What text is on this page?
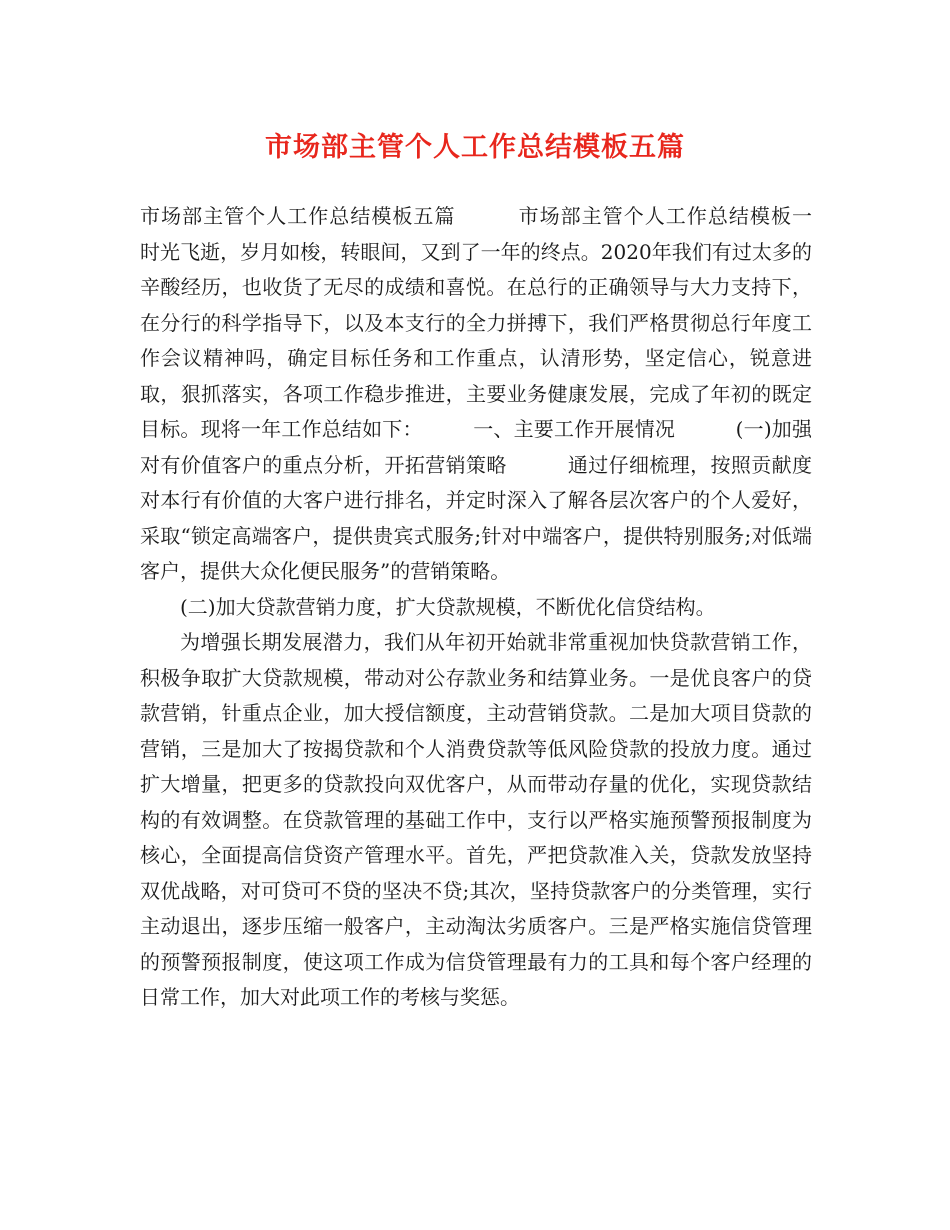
市场部主管个人工作总结模板五篇

市场部主管个人工作总结模板五篇　　　市场部主管个人工作总结模板一　　　时光飞逝，岁月如梭，转眼间，又到了一年的终点。2020年我们有过太多的辛酸经历，也收货了无尽的成绩和喜悦。在总行的正确领导与大力支持下，在分行的科学指导下，以及本支行的全力拼搏下，我们严格贯彻总行年度工作会议精神吗，确定目标任务和工作重点，认清形势，坚定信心，锐意进取，狠抓落实，各项工作稳步推进，主要业务健康发展，完成了年初的既定目标。现将一年工作总结如下：　　　一、主要工作开展情况　　　(一)加强对有价值客户的重点分析，开拓营销策略　　　通过仔细梳理，按照贡献度对本行有价值的大客户进行排名，并定时深入了解各层次客户的个人爱好，采取“锁定高端客户，提供贵宾式服务;针对中端客户，提供特别服务;对低端客户，提供大众化便民服务”的营销策略。

(二)加大贷款营销力度，扩大贷款规模，不断优化信贷结构。

为增强长期发展潜力，我们从年初开始就非常重视加快贷款营销工作，积极争取扩大贷款规模，带动对公存款业务和结算业务。一是优良客户的贷款营销，针重点企业，加大授信额度，主动营销贷款。二是加大项目贷款的营销，三是加大了按揭贷款和个人消费贷款等低风险贷款的投放力度。通过扩大增量，把更多的贷款投向双优客户，从而带动存量的优化，实现贷款结构的有效调整。在贷款管理的基础工作中，支行以严格实施预警预报制度为核心，全面提高信贷资产管理水平。首先，严把贷款准入关，贷款发放坚持双优战略，对可贷可不贷的坚决不贷;其次，坚持贷款客户的分类管理，实行主动退出，逐步压缩一般客户，主动淘汰劣质客户。三是严格实施信贷管理的预警预报制度，使这项工作成为信贷管理最有力的工具和每个客户经理的日常工作，加大对此项工作的考核与奖惩。
